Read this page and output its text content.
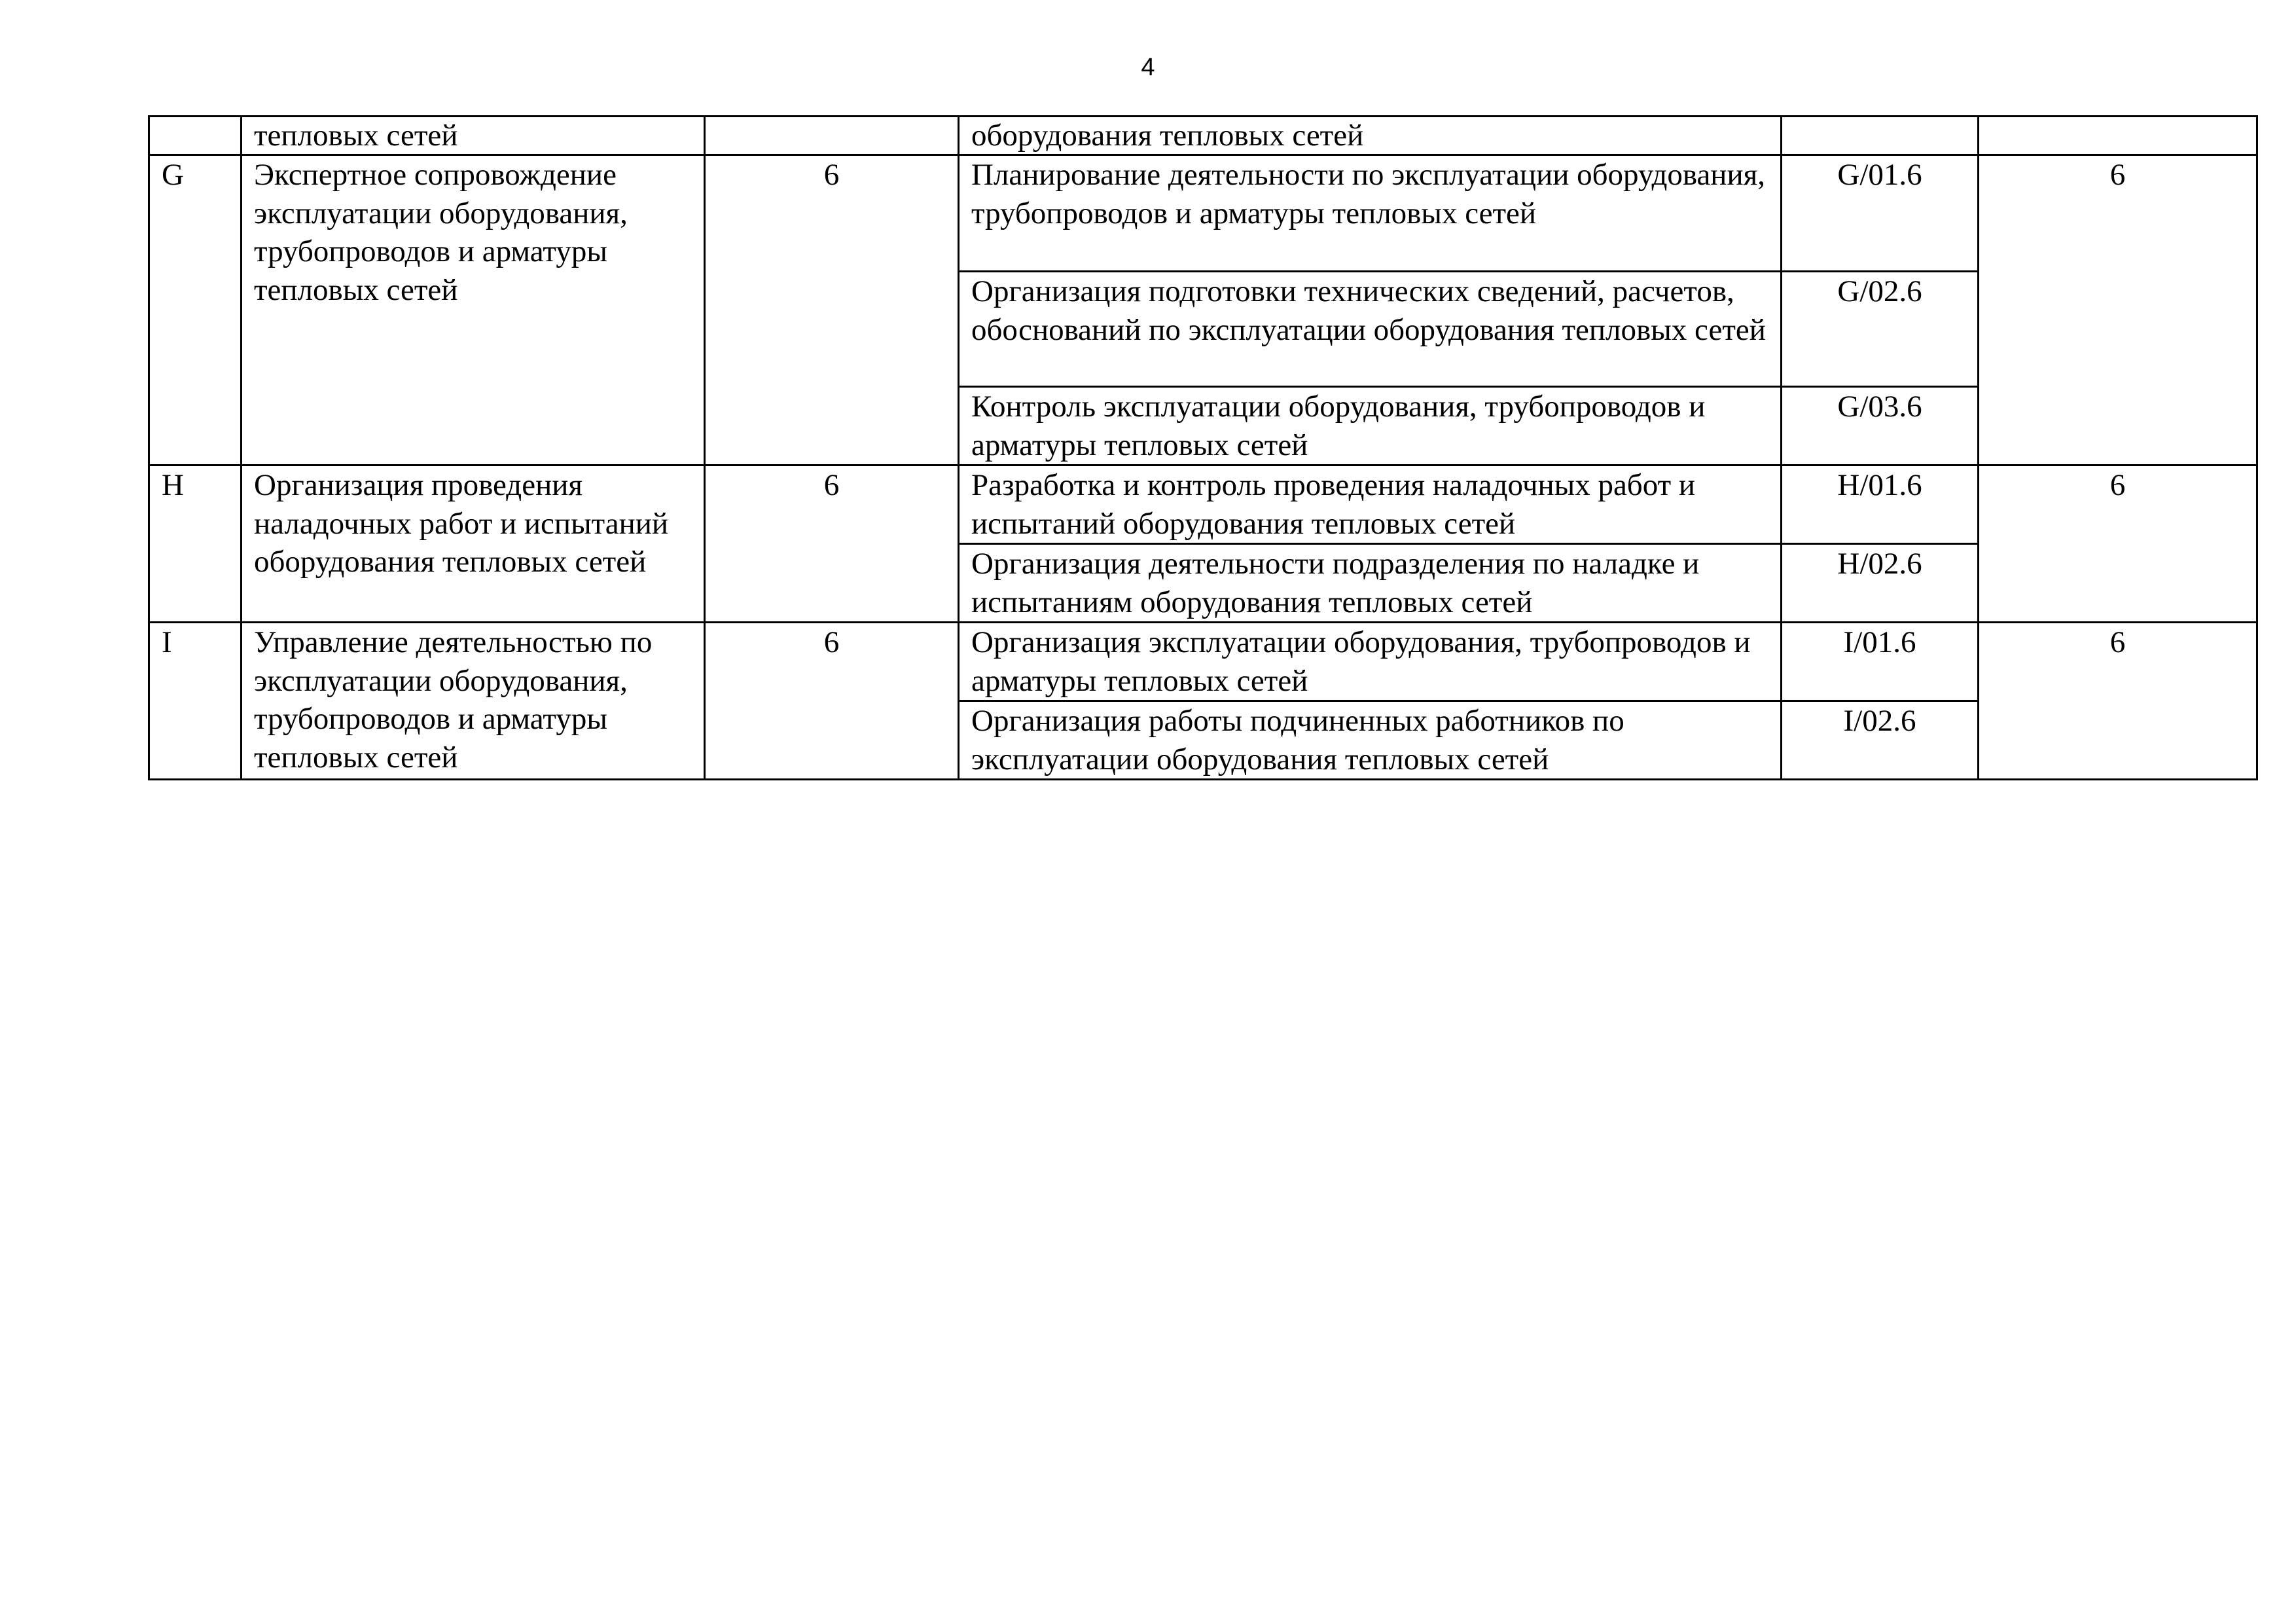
4
	тепловых сетей		оборудования тепловых сетей		
G	Экспертное сопровождение эксплуатации оборудования, трубопроводов и арматуры тепловых сетей	6	Планирование деятельности по эксплуатации оборудования, трубопроводов и арматуры тепловых сетей	G/01.6	6
			Организация подготовки технических сведений, расчетов, обоснований по эксплуатации оборудования тепловых сетей	G/02.6	
			Контроль эксплуатации оборудования, трубопроводов и арматуры тепловых сетей	G/03.6	
H	Организация проведения наладочных работ и испытаний оборудования тепловых сетей	6	Разработка и контроль проведения наладочных работ и испытаний оборудования тепловых сетей	H/01.6	6
			Организация деятельности подразделения по наладке и испытаниям оборудования тепловых сетей	H/02.6	
I	Управление деятельностью по эксплуатации оборудования, трубопроводов и арматуры тепловых сетей	6	Организация эксплуатации оборудования, трубопроводов и арматуры тепловых сетей	I/01.6	6
			Организация работы подчиненных работников по эксплуатации оборудования тепловых сетей	I/02.6	
